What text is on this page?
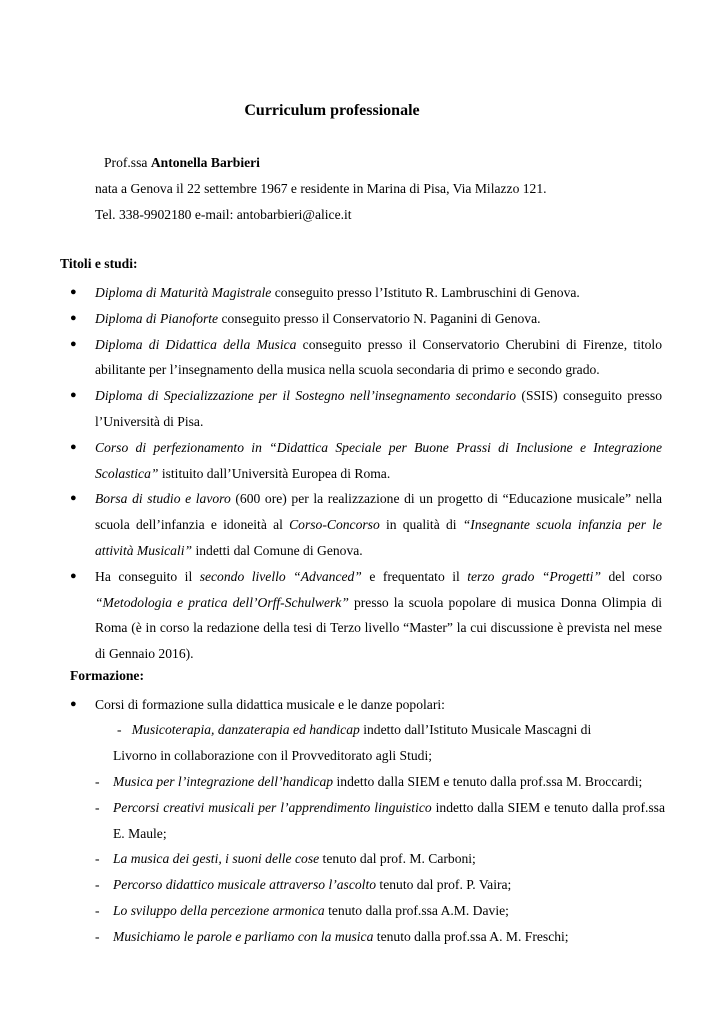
Curriculum professionale
Prof.ssa Antonella Barbieri
nata a Genova il 22 settembre 1967 e residente in Marina di Pisa, Via Milazzo 121.
Tel. 338-9902180 e-mail: antobarbieri@alice.it
Titoli e studi:
● Diploma di Maturità Magistrale conseguito presso l’Istituto R. Lambruschini di Genova.
● Diploma di Pianoforte conseguito presso il Conservatorio N. Paganini di Genova.
● Diploma di Didattica della Musica conseguito presso il Conservatorio Cherubini di Firenze, titolo abilitante per l’insegnamento della musica nella scuola secondaria di primo e secondo grado.
● Diploma di Specializzazione per il Sostegno nell’insegnamento secondario (SSIS) conseguito presso l’Università di Pisa.
● Corso di perfezionamento in “Didattica Speciale per Buone Prassi di Inclusione e Integrazione Scolastica” istituito dall’Università Europea di Roma.
● Borsa di studio e lavoro (600 ore) per la realizzazione di un progetto di “Educazione musicale” nella scuola dell’infanzia e idoneità al Corso-Concorso in qualità di “Insegnante scuola infanzia per le attività Musicali” indetti dal Comune di Genova.
● Ha conseguito il secondo livello “Advanced” e frequentato il terzo grado “Progetti” del corso “Metodologia e pratica dell’Orff-Schulwerk” presso la scuola popolare di musica Donna Olimpia di Roma (è in corso la redazione della tesi di Terzo livello “Master” la cui discussione è prevista nel mese di Gennaio 2016).
Formazione:
● Corsi di formazione sulla didattica musicale e le danze popolari:
- Musicoterapia, danzaterapia ed handicap indetto dall’Istituto Musicale Mascagni di
Livorno in collaborazione con il Provveditorato agli Studi;
- Musica per l’integrazione dell’handicap indetto dalla SIEM e tenuto dalla prof.ssa M. Broccardi;
- Percorsi creativi musicali per l’apprendimento linguistico indetto dalla SIEM e tenuto dalla prof.ssa E. Maule;
- La musica dei gesti, i suoni delle cose tenuto dal prof. M. Carboni;
- Percorso didattico musicale attraverso l’ascolto tenuto dal prof. P. Vaira;
- Lo sviluppo della percezione armonica tenuto dalla prof.ssa A.M. Davie;
- Musichiamo le parole e parliamo con la musica tenuto dalla prof.ssa A. M. Freschi;
